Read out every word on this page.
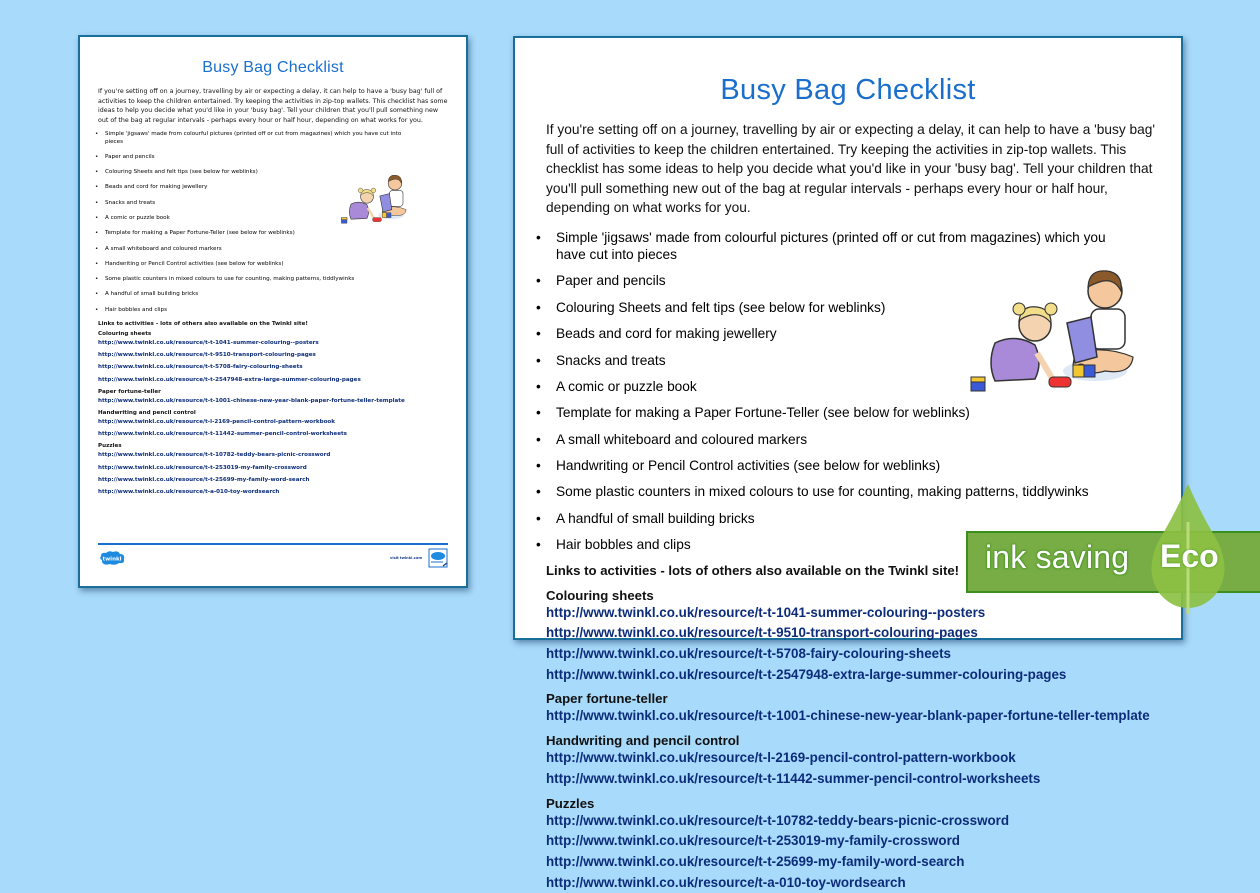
Busy Bag Checklist
If you're setting off on a journey, travelling by air or expecting a delay, it can help to have a 'busy bag' full of activities to keep the children entertained. Try keeping the activities in zip-top wallets. This checklist has some ideas to help you decide what you'd like in your 'busy bag'. Tell your children that you'll pull something new out of the bag at regular intervals - perhaps every hour or half hour, depending on what works for you.
• Simple 'jigsaws' made from colourful pictures (printed off or cut from magazines) which you have cut into pieces
• Paper and pencils
• Colouring Sheets and felt tips (see below for weblinks)
• Beads and cord for making jewellery
• Snacks and treats
• A comic or puzzle book
• Template for making a Paper Fortune-Teller (see below for weblinks)
• A small whiteboard and coloured markers
• Handwriting or Pencil Control activities (see below for weblinks)
• Some plastic counters in mixed colours to use for counting, making patterns, tiddlywinks
• A handful of small building bricks
• Hair bobbles and clips
Links to activities - lots of others also available on the Twinkl site!
Colouring sheets
http://www.twinkl.co.uk/resource/t-t-1041-summer-colouring--posters
http://www.twinkl.co.uk/resource/t-t-9510-transport-colouring-pages
http://www.twinkl.co.uk/resource/t-t-5708-fairy-colouring-sheets
http://www.twinkl.co.uk/resource/t-t-2547948-extra-large-summer-colouring-pages
Paper fortune-teller
http://www.twinkl.co.uk/resource/t-t-1001-chinese-new-year-blank-paper-fortune-teller-template
Handwriting and pencil control
http://www.twinkl.co.uk/resource/t-l-2169-pencil-control-pattern-workbook
http://www.twinkl.co.uk/resource/t-t-11442-summer-pencil-control-worksheets
Puzzles
http://www.twinkl.co.uk/resource/t-t-10782-teddy-bears-picnic-crossword
http://www.twinkl.co.uk/resource/t-t-253019-my-family-crossword
http://www.twinkl.co.uk/resource/t-t-25699-my-family-word-search
http://www.twinkl.co.uk/resource/t-a-010-toy-wordsearch
twinkl	visit twinkl.com
Busy Bag Checklist
If you're setting off on a journey, travelling by air or expecting a delay, it can help to have a 'busy bag' full of activities to keep the children entertained. Try keeping the activities in zip-top wallets. This checklist has some ideas to help you decide what you'd like in your 'busy bag'. Tell your children that you'll pull something new out of the bag at regular intervals - perhaps every hour or half hour, depending on what works for you.
• Simple 'jigsaws' made from colourful pictures (printed off or cut from magazines) which you have cut into pieces
• Paper and pencils
• Colouring Sheets and felt tips (see below for weblinks)
• Beads and cord for making jewellery
• Snacks and treats
• A comic or puzzle book
• Template for making a Paper Fortune-Teller (see below for weblinks)
• A small whiteboard and coloured markers
• Handwriting or Pencil Control activities (see below for weblinks)
• Some plastic counters in mixed colours to use for counting, making patterns, tiddlywinks
• A handful of small building bricks
• Hair bobbles and clips
Links to activities - lots of others also available on the Twinkl site!
Colouring sheets
http://www.twinkl.co.uk/resource/t-t-1041-summer-colouring--posters
http://www.twinkl.co.uk/resource/t-t-9510-transport-colouring-pages
http://www.twinkl.co.uk/resource/t-t-5708-fairy-colouring-sheets
http://www.twinkl.co.uk/resource/t-t-2547948-extra-large-summer-colouring-pages
Paper fortune-teller
http://www.twinkl.co.uk/resource/t-t-1001-chinese-new-year-blank-paper-fortune-teller-template
Handwriting and pencil control
http://www.twinkl.co.uk/resource/t-l-2169-pencil-control-pattern-workbook
http://www.twinkl.co.uk/resource/t-t-11442-summer-pencil-control-worksheets
Puzzles
http://www.twinkl.co.uk/resource/t-t-10782-teddy-bears-picnic-crossword
http://www.twinkl.co.uk/resource/t-t-253019-my-family-crossword
http://www.twinkl.co.uk/resource/t-t-25699-my-family-word-search
http://www.twinkl.co.uk/resource/t-a-010-toy-wordsearch
ink saving Eco
